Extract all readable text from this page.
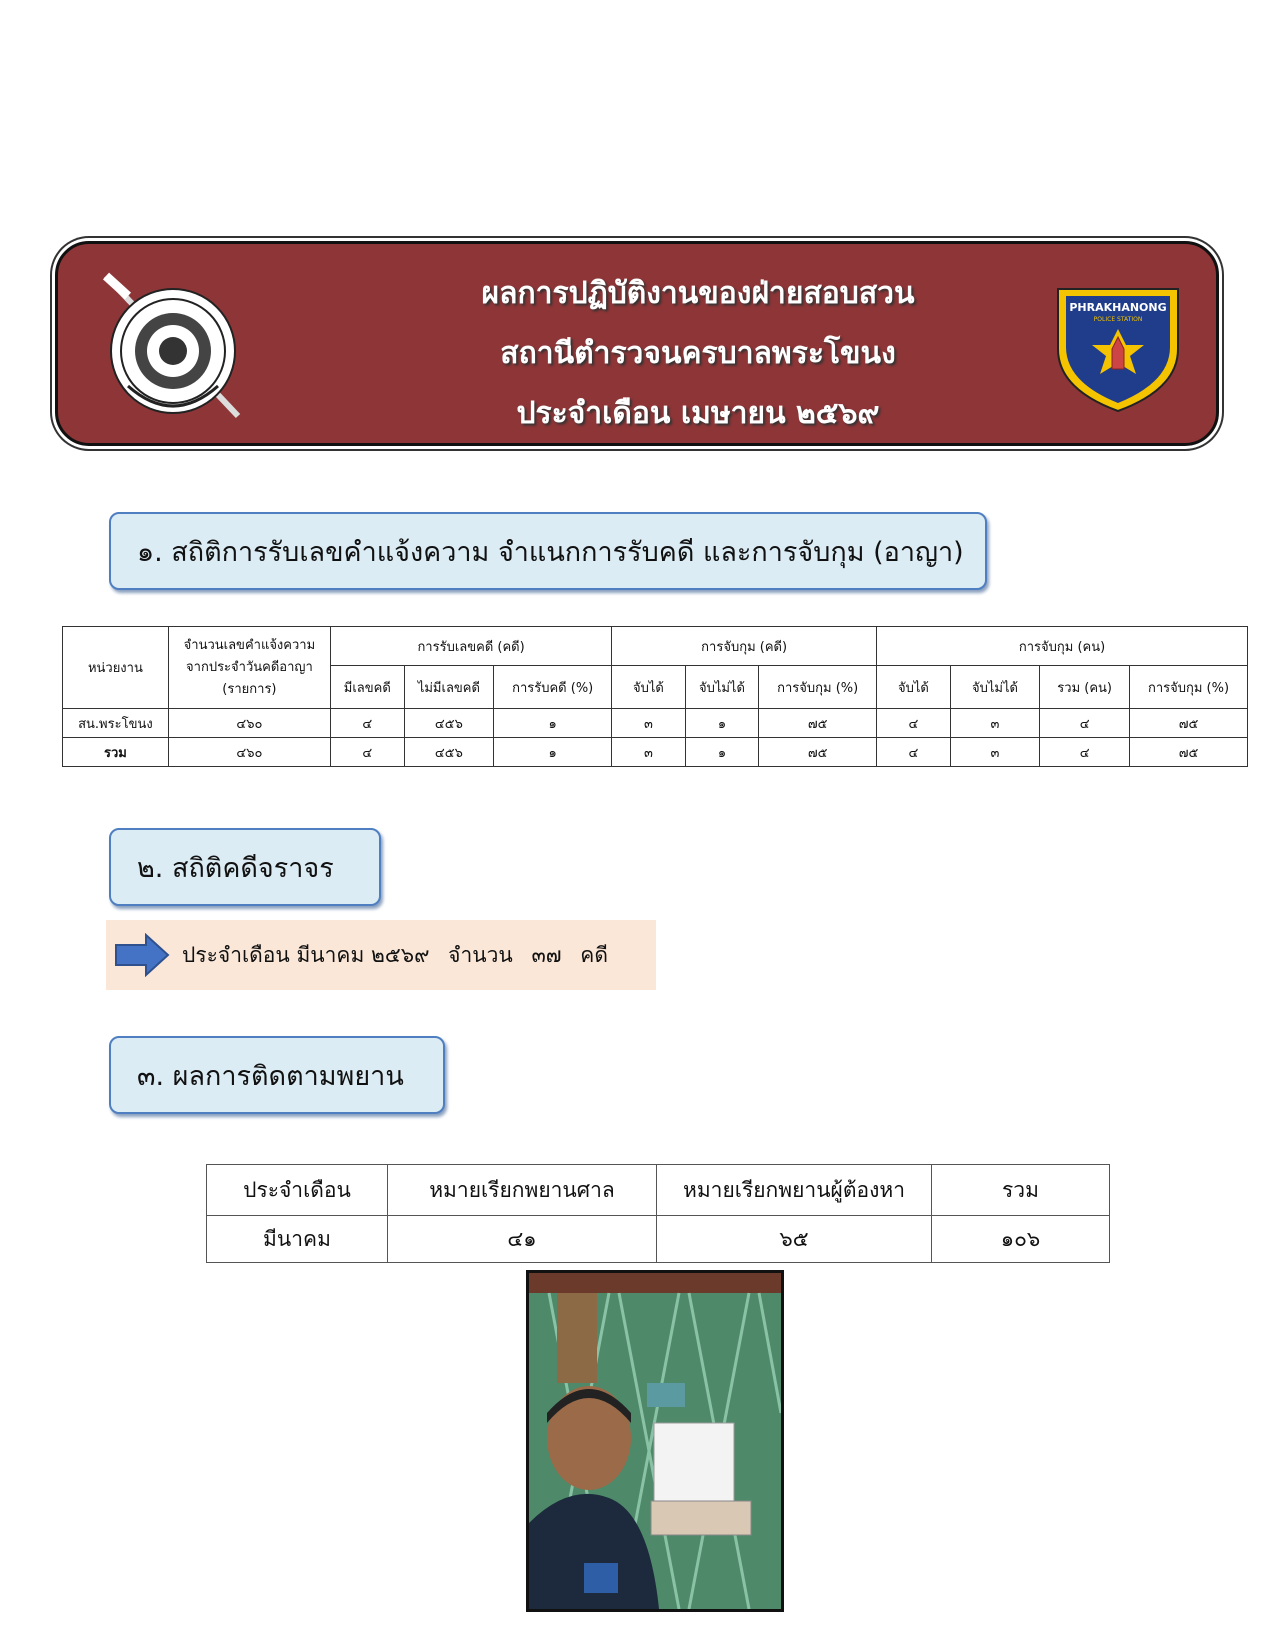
ผลการปฏิบัติงานของฝ่ายสอบสวน
สถานีตำรวจนครบาลพระโขนง
ประจำเดือน เมษายน ๒๕๖๙
PHRAKHANONG
POLICE STATION
๑. สถิติการรับเลขคำแจ้งความ จำแนกการรับคดี และการจับกุม (อาญา)
หน่วยงาน	จำนวนเลขคำแจ้งความ จากประจำวันคดีอาญา (รายการ)	การรับเลขคดี (คดี)			การจับกุม (คดี)			การจับกุม (คน)			
		มีเลขคดี	ไม่มีเลขคดี	การรับคดี (%)	จับได้	จับไม่ได้	การจับกุม (%)	จับได้	จับไม่ได้	รวม (คน)	การจับกุม (%)
สน.พระโขนง	๔๖๐	๔	๔๕๖	๑	๓	๑	๗๕	๔	๓	๔	๗๕
รวม	๔๖๐	๔	๔๕๖	๑	๓	๑	๗๕	๔	๓	๔	๗๕
๒. สถิติคดีจราจร
ประจำเดือน มีนาคม ๒๕๖๙ จำนวน ๓๗ คดี
๓. ผลการติดตามพยาน
ประจำเดือน	หมายเรียกพยานศาล	หมายเรียกพยานผู้ต้องหา	รวม
มีนาคม	๔๑	๖๕	๑๐๖
